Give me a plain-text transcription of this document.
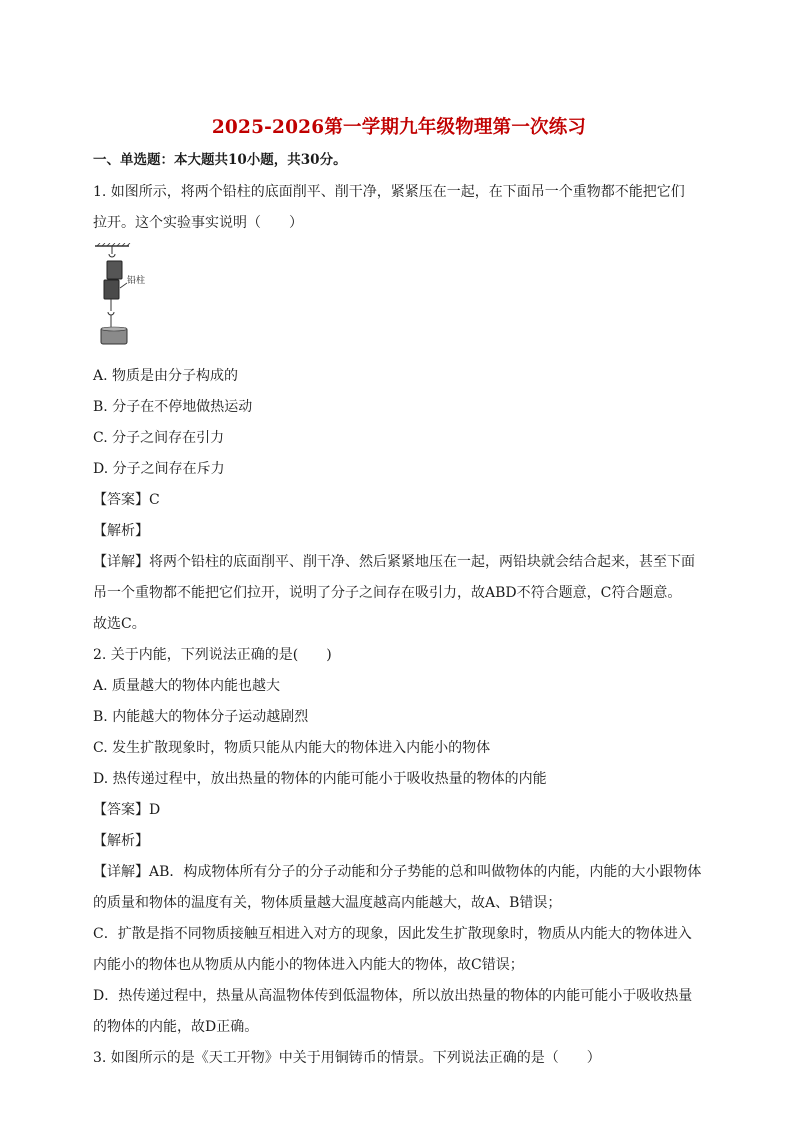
2025-2026第一学期九年级物理第一次练习
一、单选题：本大题共10小题，共30分。

1. 如图所示，将两个铅柱的底面削平、削干净，紧紧压在一起，在下面吊一个重物都不能把它们

拉开。这个实验事实说明（　　）

铅柱

A. 物质是由分子构成的

B. 分子在不停地做热运动

C. 分子之间存在引力

D. 分子之间存在斥力

【答案】C

【解析】

【详解】将两个铅柱的底面削平、削干净、然后紧紧地压在一起，两铅块就会结合起来，甚至下面

吊一个重物都不能把它们拉开，说明了分子之间存在吸引力，故ABD不符合题意，C符合题意。

故选C。

2. 关于内能，下列说法正确的是(　　)

A. 质量越大的物体内能也越大

B. 内能越大的物体分子运动越剧烈

C. 发生扩散现象时，物质只能从内能大的物体进入内能小的物体

D. 热传递过程中，放出热量的物体的内能可能小于吸收热量的物体的内能

【答案】D

【解析】

【详解】AB．构成物体所有分子的分子动能和分子势能的总和叫做物体的内能，内能的大小跟物体

的质量和物体的温度有关，物体质量越大温度越高内能越大，故A、B错误；

C．扩散是指不同物质接触互相进入对方的现象，因此发生扩散现象时，物质从内能大的物体进入

内能小的物体也从物质从内能小的物体进入内能大的物体，故C错误；

D．热传递过程中，热量从高温物体传到低温物体，所以放出热量的物体的内能可能小于吸收热量

的物体的内能，故D正确。

3. 如图所示的是《天工开物》中关于用铜铸币的情景。下列说法正确的是（　　）
